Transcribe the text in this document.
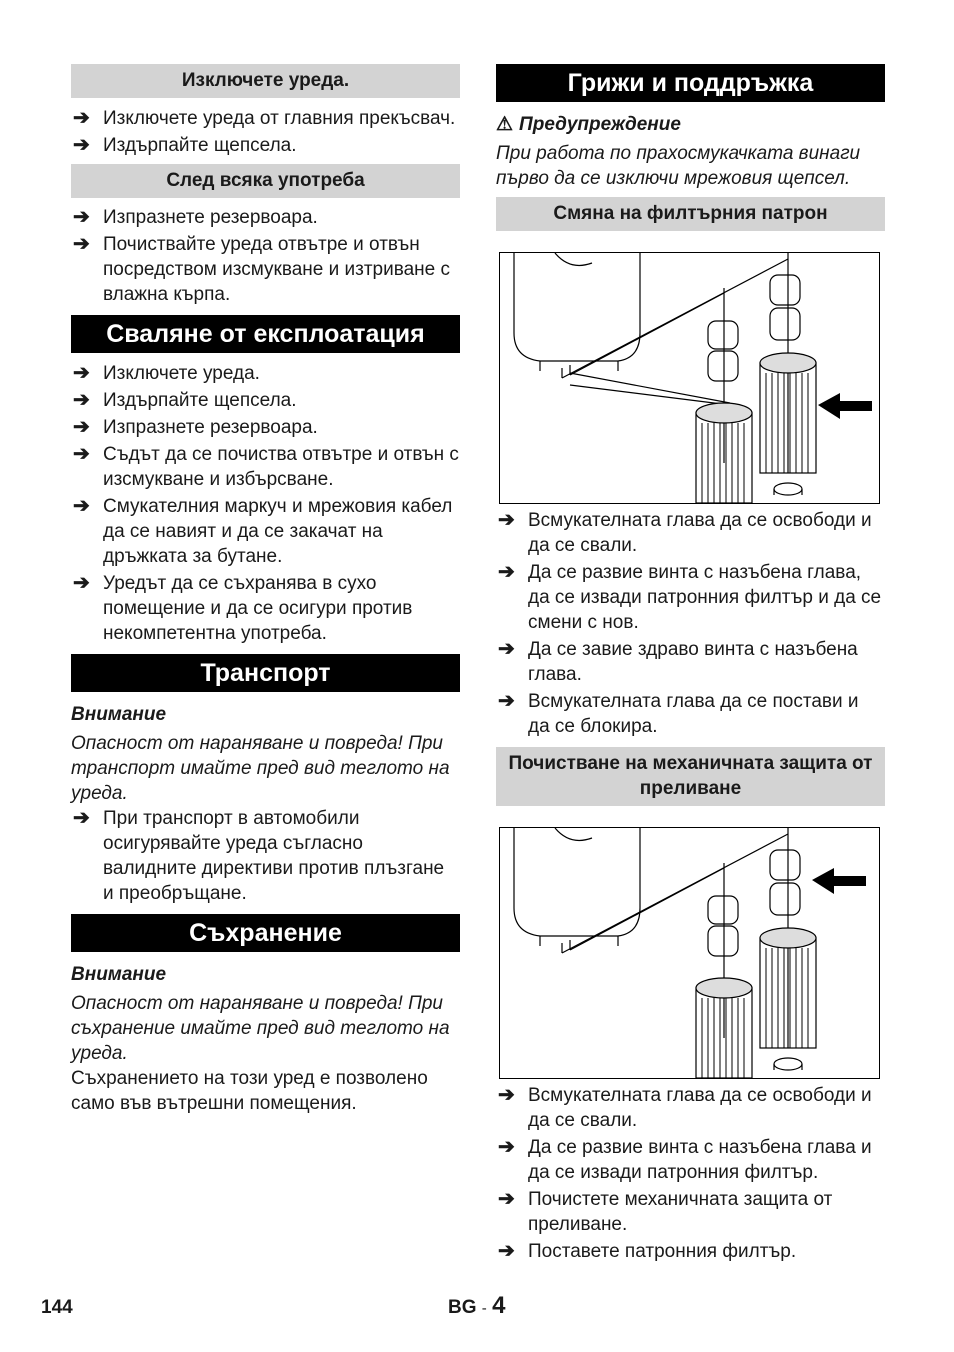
Изключете уреда.
➔ Изключете уреда от главния прекъсвач.
➔ Издърпайте щепсела.
След всяка употреба
➔ Изпразнете резервоара.
➔ Почиствайте уреда отвътре и отвън посредством изсмукване и изтриване с влажна кърпа.
Сваляне от експлоатация
➔ Изключете уреда.
➔ Издърпайте щепсела.
➔ Изпразнете резервоара.
➔ Съдът да се почиства отвътре и отвън с изсмукване и избърсване.
➔ Смукателния маркуч и мрежовия кабел да се навият и да се закачат на дръжката за бутане.
➔ Уредът да се съхранява в сухо помещение и да се осигури против некомпетентна употреба.
Транспорт

Внимание

Опасност от нараняване и повреда! При транспорт имайте пред вид теглото на уреда.

➔ При транспорт в автомобили осигурявайте уреда съгласно валидните директиви против плъзгане и преобръщане.
Съхранение

Внимание

Опасност от нараняване и повреда! При съхранение имайте пред вид теглото на уреда.

Съхранението на този уред е позволено само във вътрешни помещения.

Грижи и поддръжка

⚠ Предупреждение

При работа по прахосмукачката винаги първо да се изключи мрежовия щепсел.

Смяна на филтърния патрон
➔ Всмукателната глава да се освободи и да се свали.
➔ Да се развие винта с назъбена глава, да се извади патронния филтър и да се смени с нов.
➔ Да се завие здраво винта с назъбена глава.
➔ Всмукателната глава да се постави и да се блокира.
Почистване на механичната защита от преливане
➔ Всмукателната глава да се освободи и да се свали.
➔ Да се развие винта с назъбена глава и да се извади патронния филтър.
➔ Почистете механичната защита от преливане.
➔ Поставете патронния филтър.
144	BG - 4
